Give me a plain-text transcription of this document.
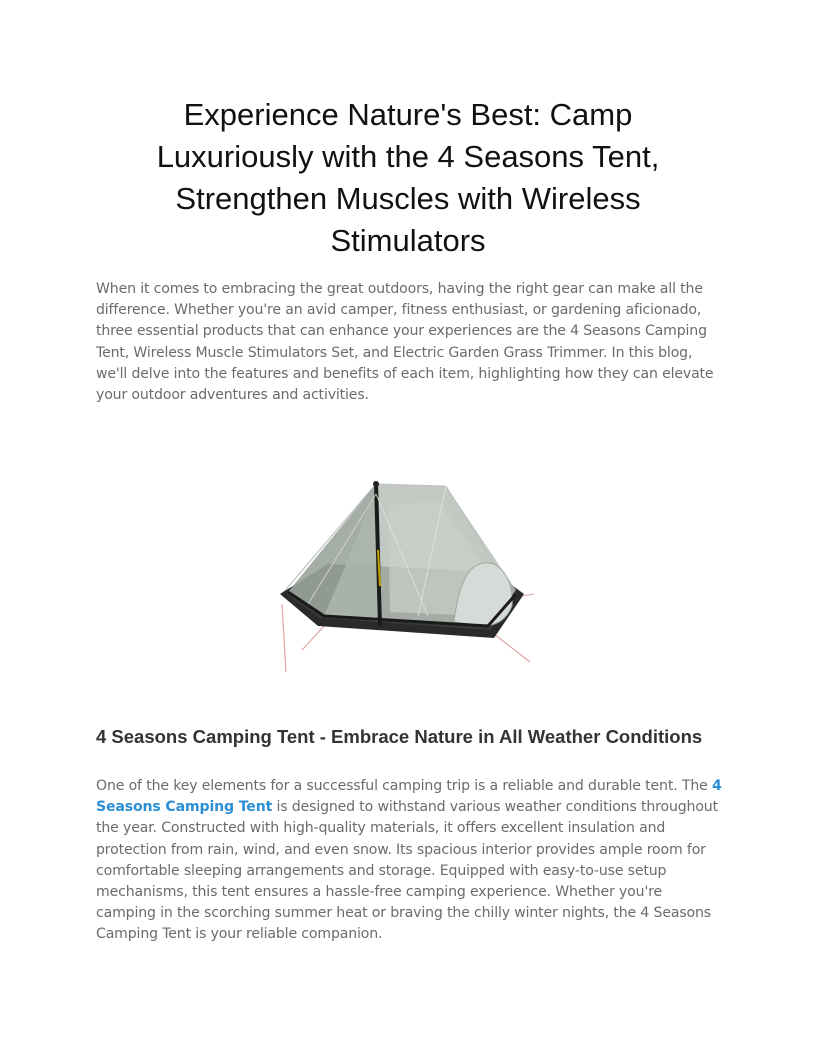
Experience Nature's Best: Camp Luxuriously with the 4 Seasons Tent, Strengthen Muscles with Wireless Stimulators

When it comes to embracing the great outdoors, having the right gear can make all the difference. Whether you're an avid camper, fitness enthusiast, or gardening aficionado, three essential products that can enhance your experiences are the 4 Seasons Camping Tent, Wireless Muscle Stimulators Set, and Electric Garden Grass Trimmer. In this blog, we'll delve into the features and benefits of each item, highlighting how they can elevate your outdoor adventures and activities.

4 Seasons Camping Tent - Embrace Nature in All Weather Conditions

One of the key elements for a successful camping trip is a reliable and durable tent. The 4 Seasons Camping Tent is designed to withstand various weather conditions throughout the year. Constructed with high-quality materials, it offers excellent insulation and protection from rain, wind, and even snow. Its spacious interior provides ample room for comfortable sleeping arrangements and storage. Equipped with easy-to-use setup mechanisms, this tent ensures a hassle-free camping experience. Whether you're camping in the scorching summer heat or braving the chilly winter nights, the 4 Seasons Camping Tent is your reliable companion.
